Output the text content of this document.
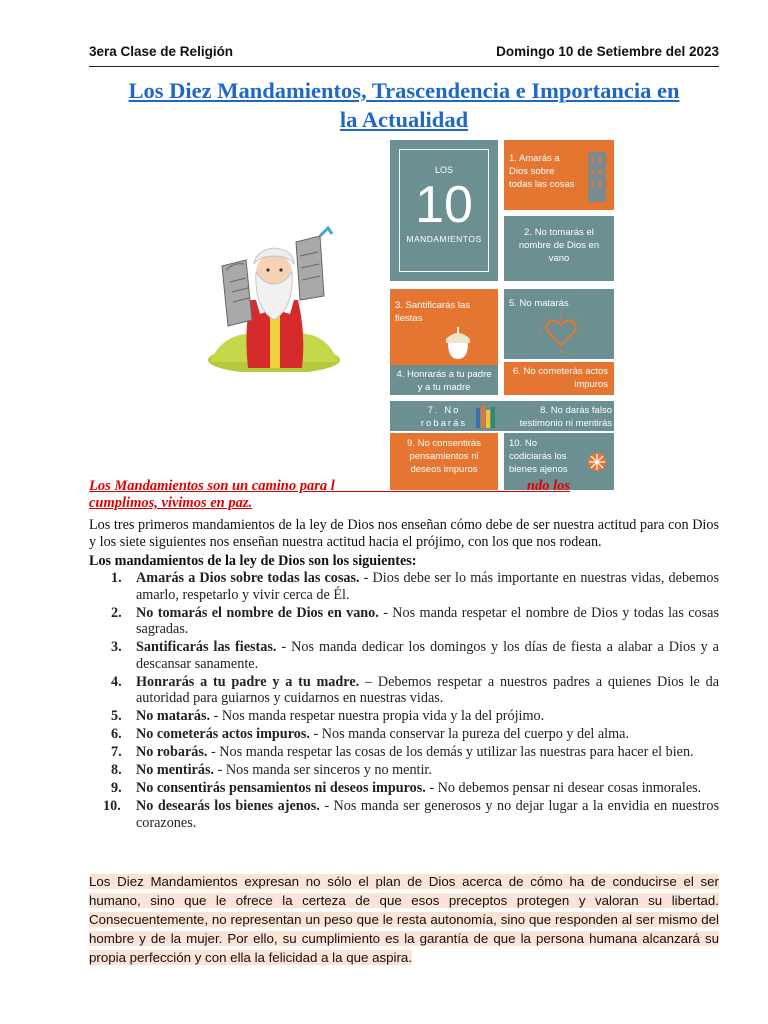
3era Clase de Religión	Domingo 10 de Setiembre del 2023
Los Diez Mandamientos, Trascendencia e Importancia en
la Actualidad
LOS
10
MANDAMIENTOS
1. Amarás a Dios sobre todas las cosas
2. No tomarás el nombre de Dios en vano
3. Santificarás las fiestas
5. No matarás
4. Honrarás a tu padre y a tu madre
6. No cometerás actos impuros
7. No robarás
8. No darás falso testimonio ni mentirás
9. No consentirás pensamientos ni deseos impuros
10. No codiciarás los bienes ajenos
Los Mandamientos son un camino para l                                                     ndo los
cumplimos, vivimos en paz.
Los tres primeros mandamientos de la ley de Dios nos enseñan cómo debe de ser nuestra actitud para con Dios y los siete siguientes nos enseñan nuestra actitud hacia el prójimo, con los que nos rodean.
Los mandamientos de la ley de Dios son los siguientes:
1. Amarás a Dios sobre todas las cosas. - Dios debe ser lo más importante en nuestras vidas, debemos amarlo, respetarlo y vivir cerca de Él.
2. No tomarás el nombre de Dios en vano. - Nos manda respetar el nombre de Dios y todas las cosas sagradas.
3. Santificarás las fiestas. - Nos manda dedicar los domingos y los días de fiesta a alabar a Dios y a descansar sanamente.
4. Honrarás a tu padre y a tu madre. – Debemos respetar a nuestros padres a quienes Dios le da autoridad para guiarnos y cuidarnos en nuestras vidas.
5. No matarás. - Nos manda respetar nuestra propia vida y la del prójimo.
6. No cometerás actos impuros. - Nos manda conservar la pureza del cuerpo y del alma.
7. No robarás. - Nos manda respetar las cosas de los demás y utilizar las nuestras para hacer el bien.
8. No mentirás. - Nos manda ser sinceros y no mentir.
9. No consentirás pensamientos ni deseos impuros. - No debemos pensar ni desear cosas inmorales.
10. No desearás los bienes ajenos. - Nos manda ser generosos y no dejar lugar a la envidia en nuestros corazones.
Los Diez Mandamientos expresan no sólo el plan de Dios acerca de cómo ha de conducirse el ser humano, sino que le ofrece la certeza de que esos preceptos protegen y valoran su libertad. Consecuentemente, no representan un peso que le resta autonomía, sino que responden al ser mismo del hombre y de la mujer. Por ello, su cumplimiento es la garantía de que la persona humana alcanzará su propia perfección y con ella la felicidad a la que aspira.
